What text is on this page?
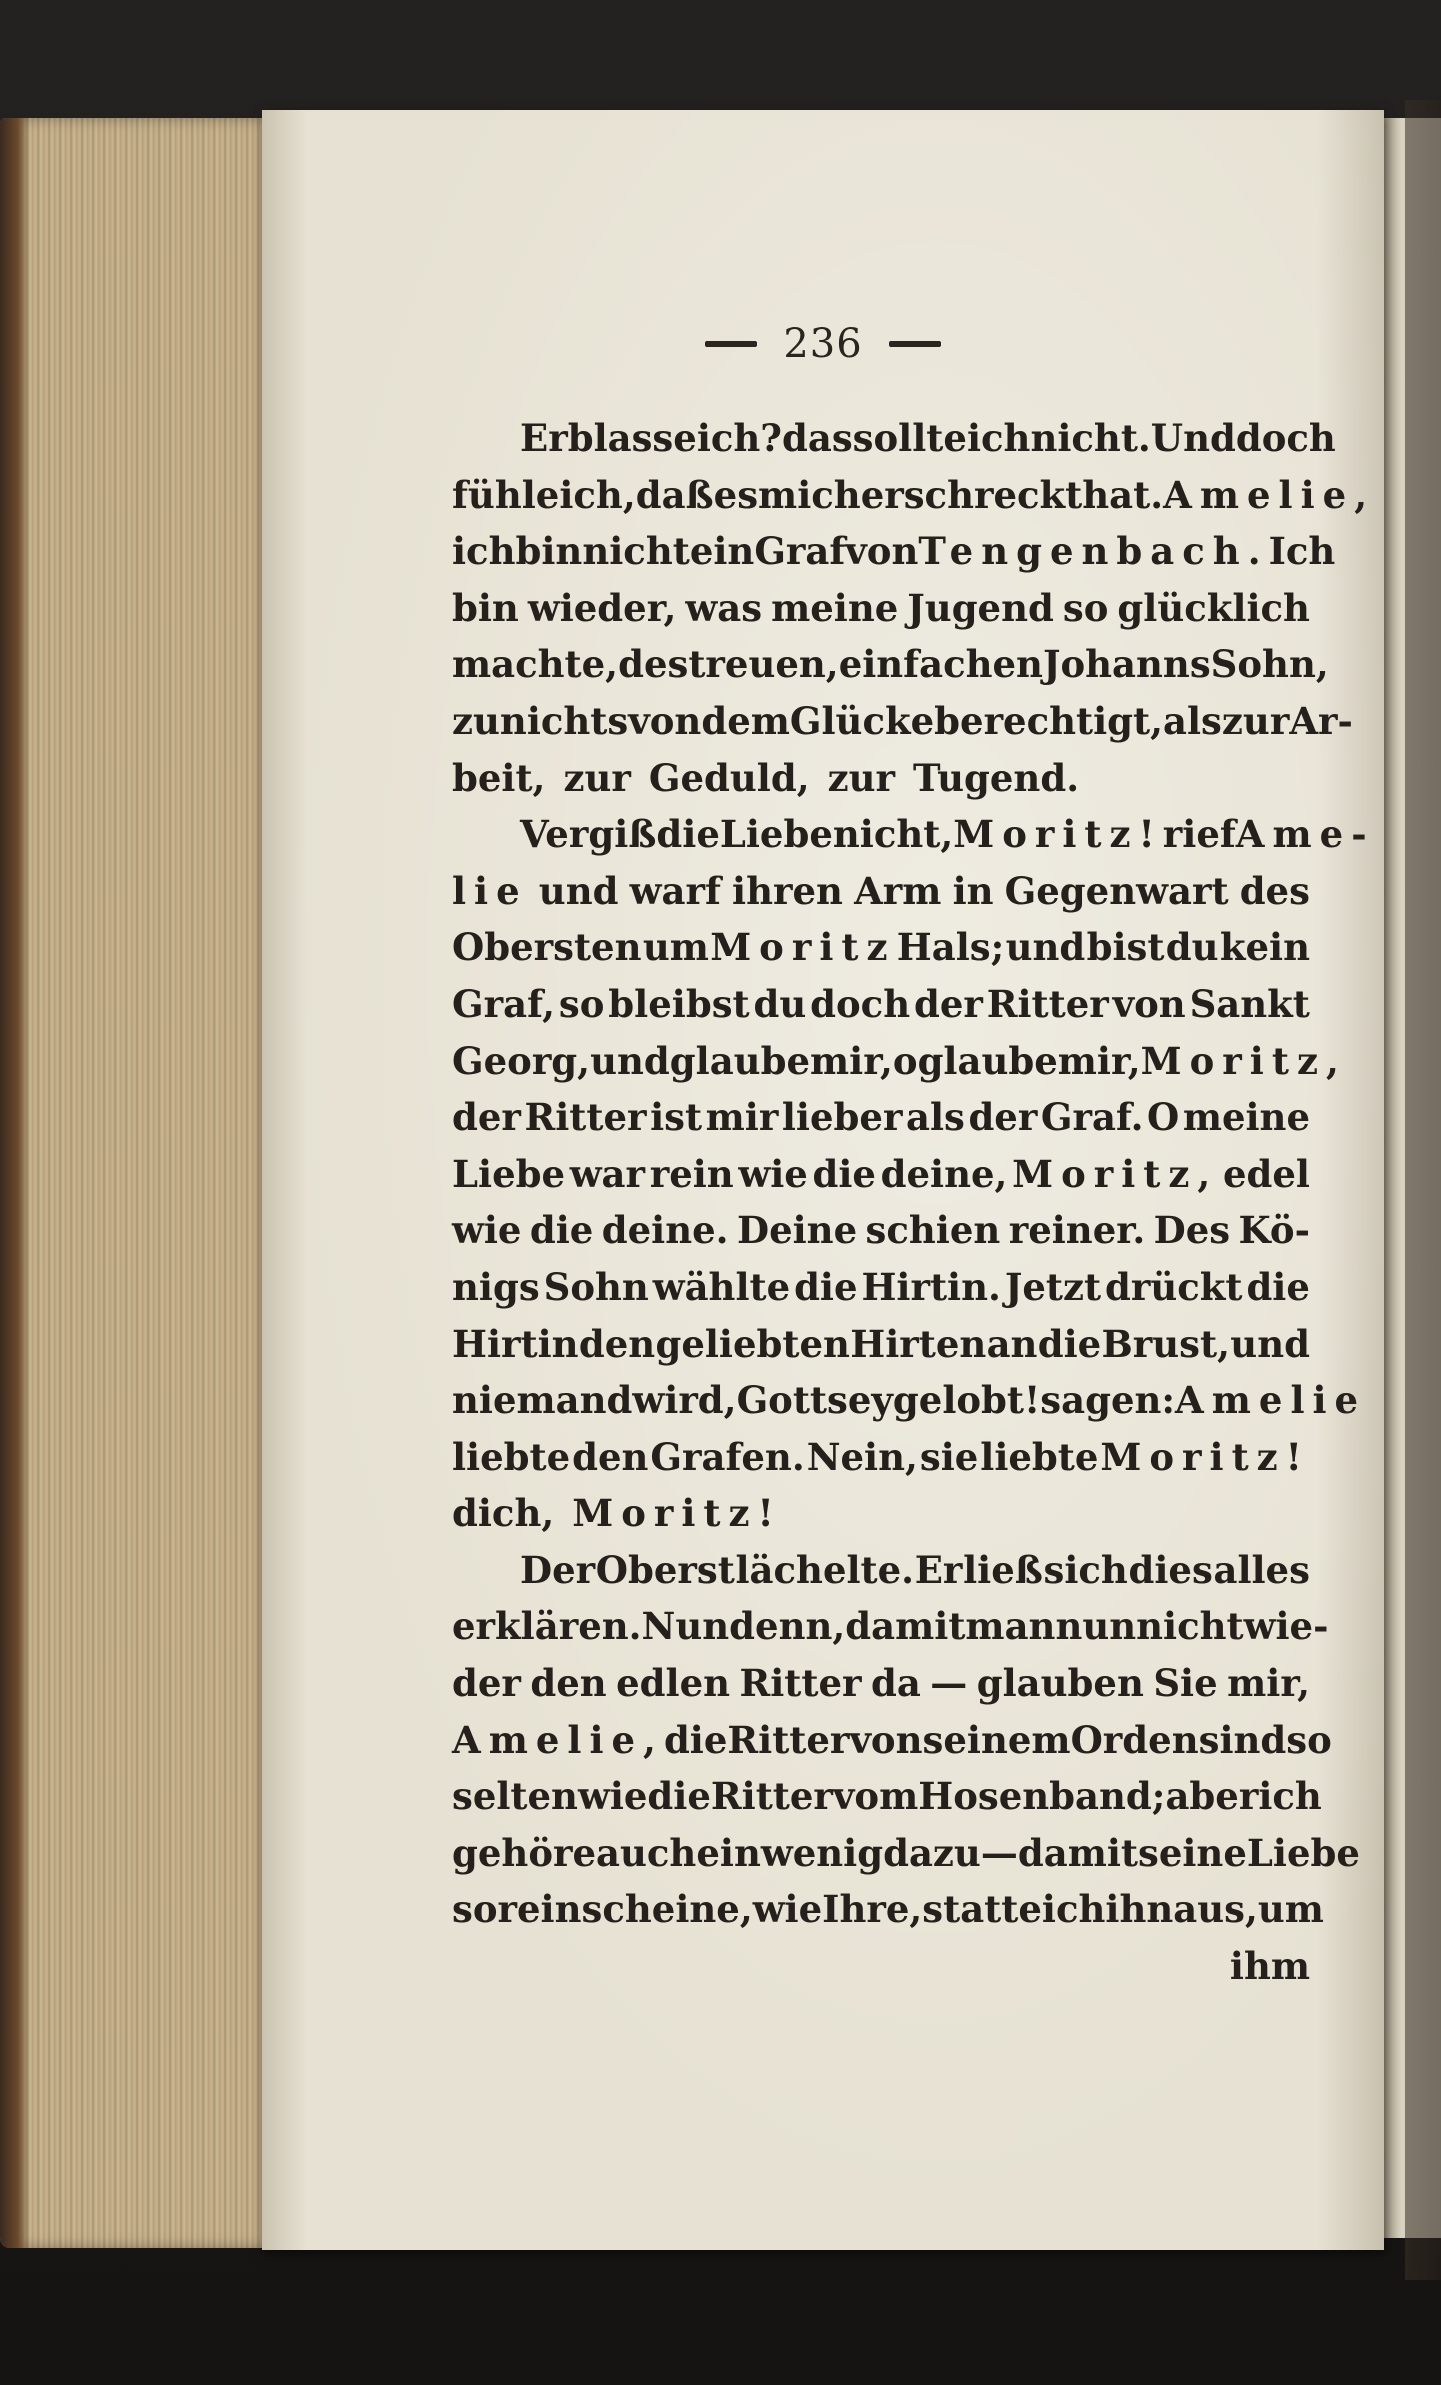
236
Erblasse ich? das sollte ich nicht. Und doch
fühle ich, daß es mich erschreckt hat. Amelie,
ich bin nicht ein Graf von Tengenbach. Ich
bin wieder, was meine Jugend so glücklich
machte, des treuen, einfachen Johanns Sohn,
zu nichts von dem Glücke berechtigt, als zur Ar-
beit, zur Geduld, zur Tugend.
Vergiß die Liebe nicht, Moritz! rief Ame-
lie und warf ihren Arm in Gegenwart des
Obersten um Moritz Hals; und bist du kein
Graf, so bleibst du doch der Ritter von Sankt
Georg, und glaube mir, o glaube mir, Moritz,
der Ritter ist mir lieber als der Graf. O meine
Liebe war rein wie die deine, Moritz, edel
wie die deine. Deine schien reiner. Des Kö-
nigs Sohn wählte die Hirtin. Jetzt drückt die
Hirtin den geliebten Hirten an die Brust, und
niemand wird, Gott sey gelobt! sagen: Amelie
liebte den Grafen. Nein, sie liebte Moritz!
dich, Moritz!
Der Oberst lächelte. Er ließ sich dies alles
erklären. Nun denn, damit man nun nicht wie-
der den edlen Ritter da — glauben Sie mir,
Amelie, die Ritter von seinem Orden sind so
selten wie die Ritter vom Hosenband; aber ich
gehöre auch ein wenig dazu — damit seine Liebe
so rein scheine, wie Ihre, statte ich ihn aus, um
ihm
